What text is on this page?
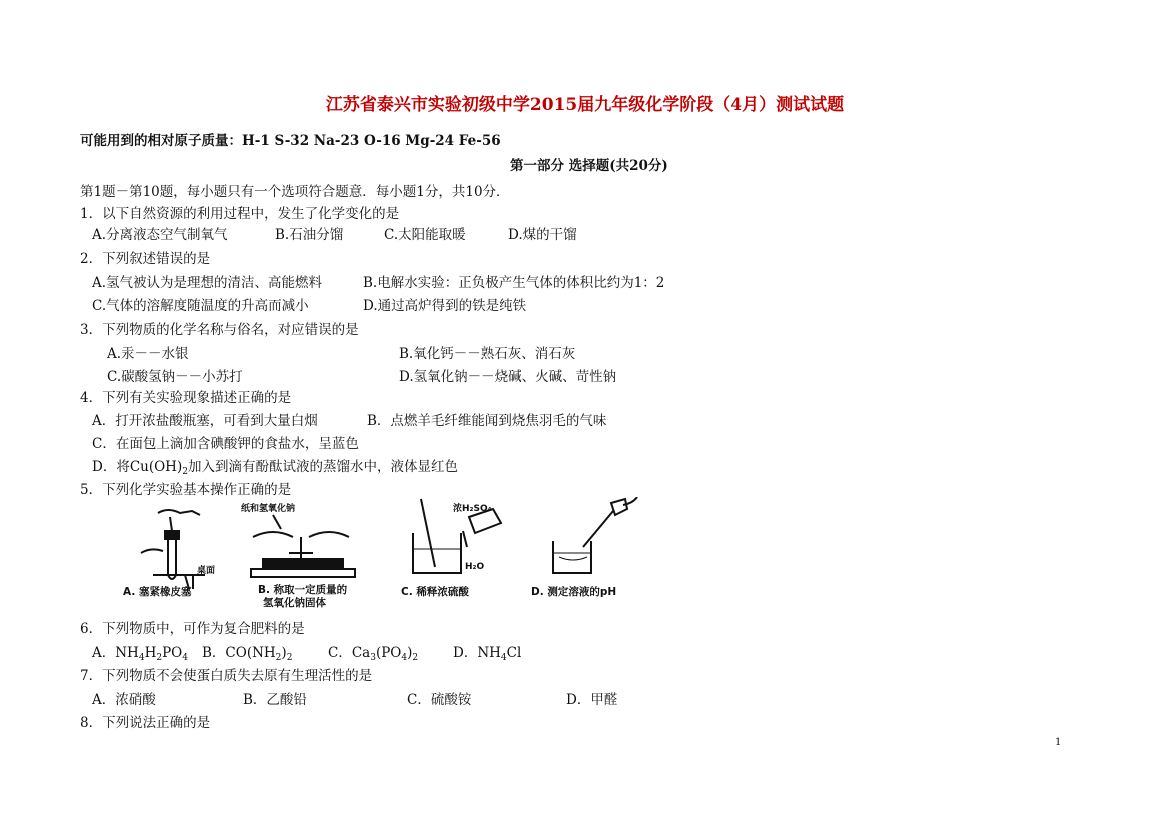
江苏省泰兴市实验初级中学2015届九年级化学阶段（4月）测试试题
可能用到的相对原子质量：H-1 S-32 Na-23 O-16 Mg-24 Fe-56
第一部分 选择题(共20分)
第1题－第10题，每小题只有一个选项符合题意．每小题1分，共10分．
1．以下自然资源的利用过程中，发生了化学变化的是
A.分离液态空气制氧气	B.石油分馏	C.太阳能取暖	D.煤的干馏
2．下列叙述错误的是
A.氢气被认为是理想的清洁、高能燃料	B.电解水实验：正负极产生气体的体积比约为1：2
C.气体的溶解度随温度的升高而减小	D.通过高炉得到的铁是纯铁
3．下列物质的化学名称与俗名，对应错误的是
A.汞－－水银	B.氧化钙－－熟石灰、消石灰
C.碳酸氢钠－－小苏打	D.氢氧化钠－－烧碱、火碱、苛性钠
4．下列有关实验现象描述正确的是
A．打开浓盐酸瓶塞，可看到大量白烟	B．点燃羊毛纤维能闻到烧焦羽毛的气味
C．在面包上滴加含碘酸钾的食盐水，呈蓝色
D．将$Cu(OH)_2$加入到滴有酚酞试液的蒸馏水中，液体显红色
5．下列化学实验基本操作正确的是
桌面
A. 塞紧橡皮塞
纸和氢氧化钠
B. 称取一定质量的
氢氧化钠固体
浓H₂SO₄
H₂O
C. 稀释浓硫酸	D. 测定溶液的pH
6．下列物质中，可作为复合肥料的是
A．$NH_4H_2PO_4$ B．$CO(NH_2)_2$	C．$Ca_3(PO_4)_2$	D．$NH_4Cl$
7．下列物质不会使蛋白质失去原有生理活性的是
A．浓硝酸	B．乙酸铅	C．硫酸铵	D．甲醛
8．下列说法正确的是
1
